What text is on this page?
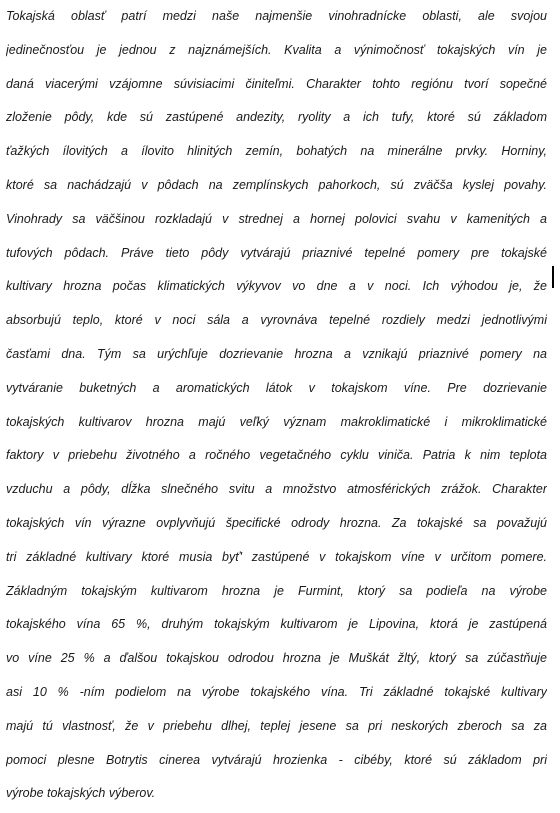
Tokajská oblasť patrí medzi naše najmenšie vinohradnícke oblasti, ale svojou
jedinečnosťou je jednou z najznámejších. Kvalita a výnimočnosť tokajských vín je
daná viacerými vzájomne súvisiacimi činiteľmi. Charakter tohto regiónu tvorí sopečné
zloženie pôdy, kde sú zastúpené andezity, ryolity a ich tufy, ktoré sú základom
ťažkých ílovitých a ílovito hlinitých zemín, bohatých na minerálne prvky. Horniny,
ktoré sa nachádzajú v pôdach na zemplínskych pahorkoch, sú zväčša kyslej povahy.
Vinohrady sa väčšinou rozkladajú v strednej a hornej polovici svahu v kamenitých a
tufových pôdach. Práve tieto pôdy vytvárajú priaznivé tepelné pomery pre tokajské
kultivary hrozna počas klimatických výkyvov vo dne a v noci. Ich výhodou je, že
absorbujú teplo, ktoré v noci sála a vyrovnáva tepelné rozdiely medzi jednotlivými
časťami dna. Tým sa urýchľuje dozrievanie hrozna a vznikajú priaznivé pomery na
vytváranie buketných a aromatických látok v tokajskom víne. Pre dozrievanie
tokajských kultivarov hrozna majú veľký význam makroklimatické i mikroklimatické
faktory v priebehu životného a ročného vegetačného cyklu viniča. Patria k nim teplota
vzduchu a pôdy, dĺžka slnečného svitu a množstvo atmosférických zrážok. Charakter
tokajských vín výrazne ovplyvňujú špecifické odrody hrozna. Za tokajské sa považujú
tri základné kultivary ktoré musia byť' zastúpené v tokajskom víne v určitom pomere.
Základným tokajským kultivarom hrozna je Furmint, ktorý sa podieľa na výrobe
tokajského vína 65 %, druhým tokajským kultivarom je Lipovina, ktorá je zastúpená
vo víne 25 % a ďalšou tokajskou odrodou hrozna je Muškát žltý, ktorý sa zúčastňuje
asi 10 % -ním podielom na výrobe tokajského vína. Tri základné tokajské kultivary
majú tú vlastnosť, že v priebehu dlhej, teplej jesene sa pri neskorých zberoch sa za
pomoci plesne Botrytis cinerea vytvárajú hrozienka - cibéby, ktoré sú základom pri
výrobe tokajských výberov.
